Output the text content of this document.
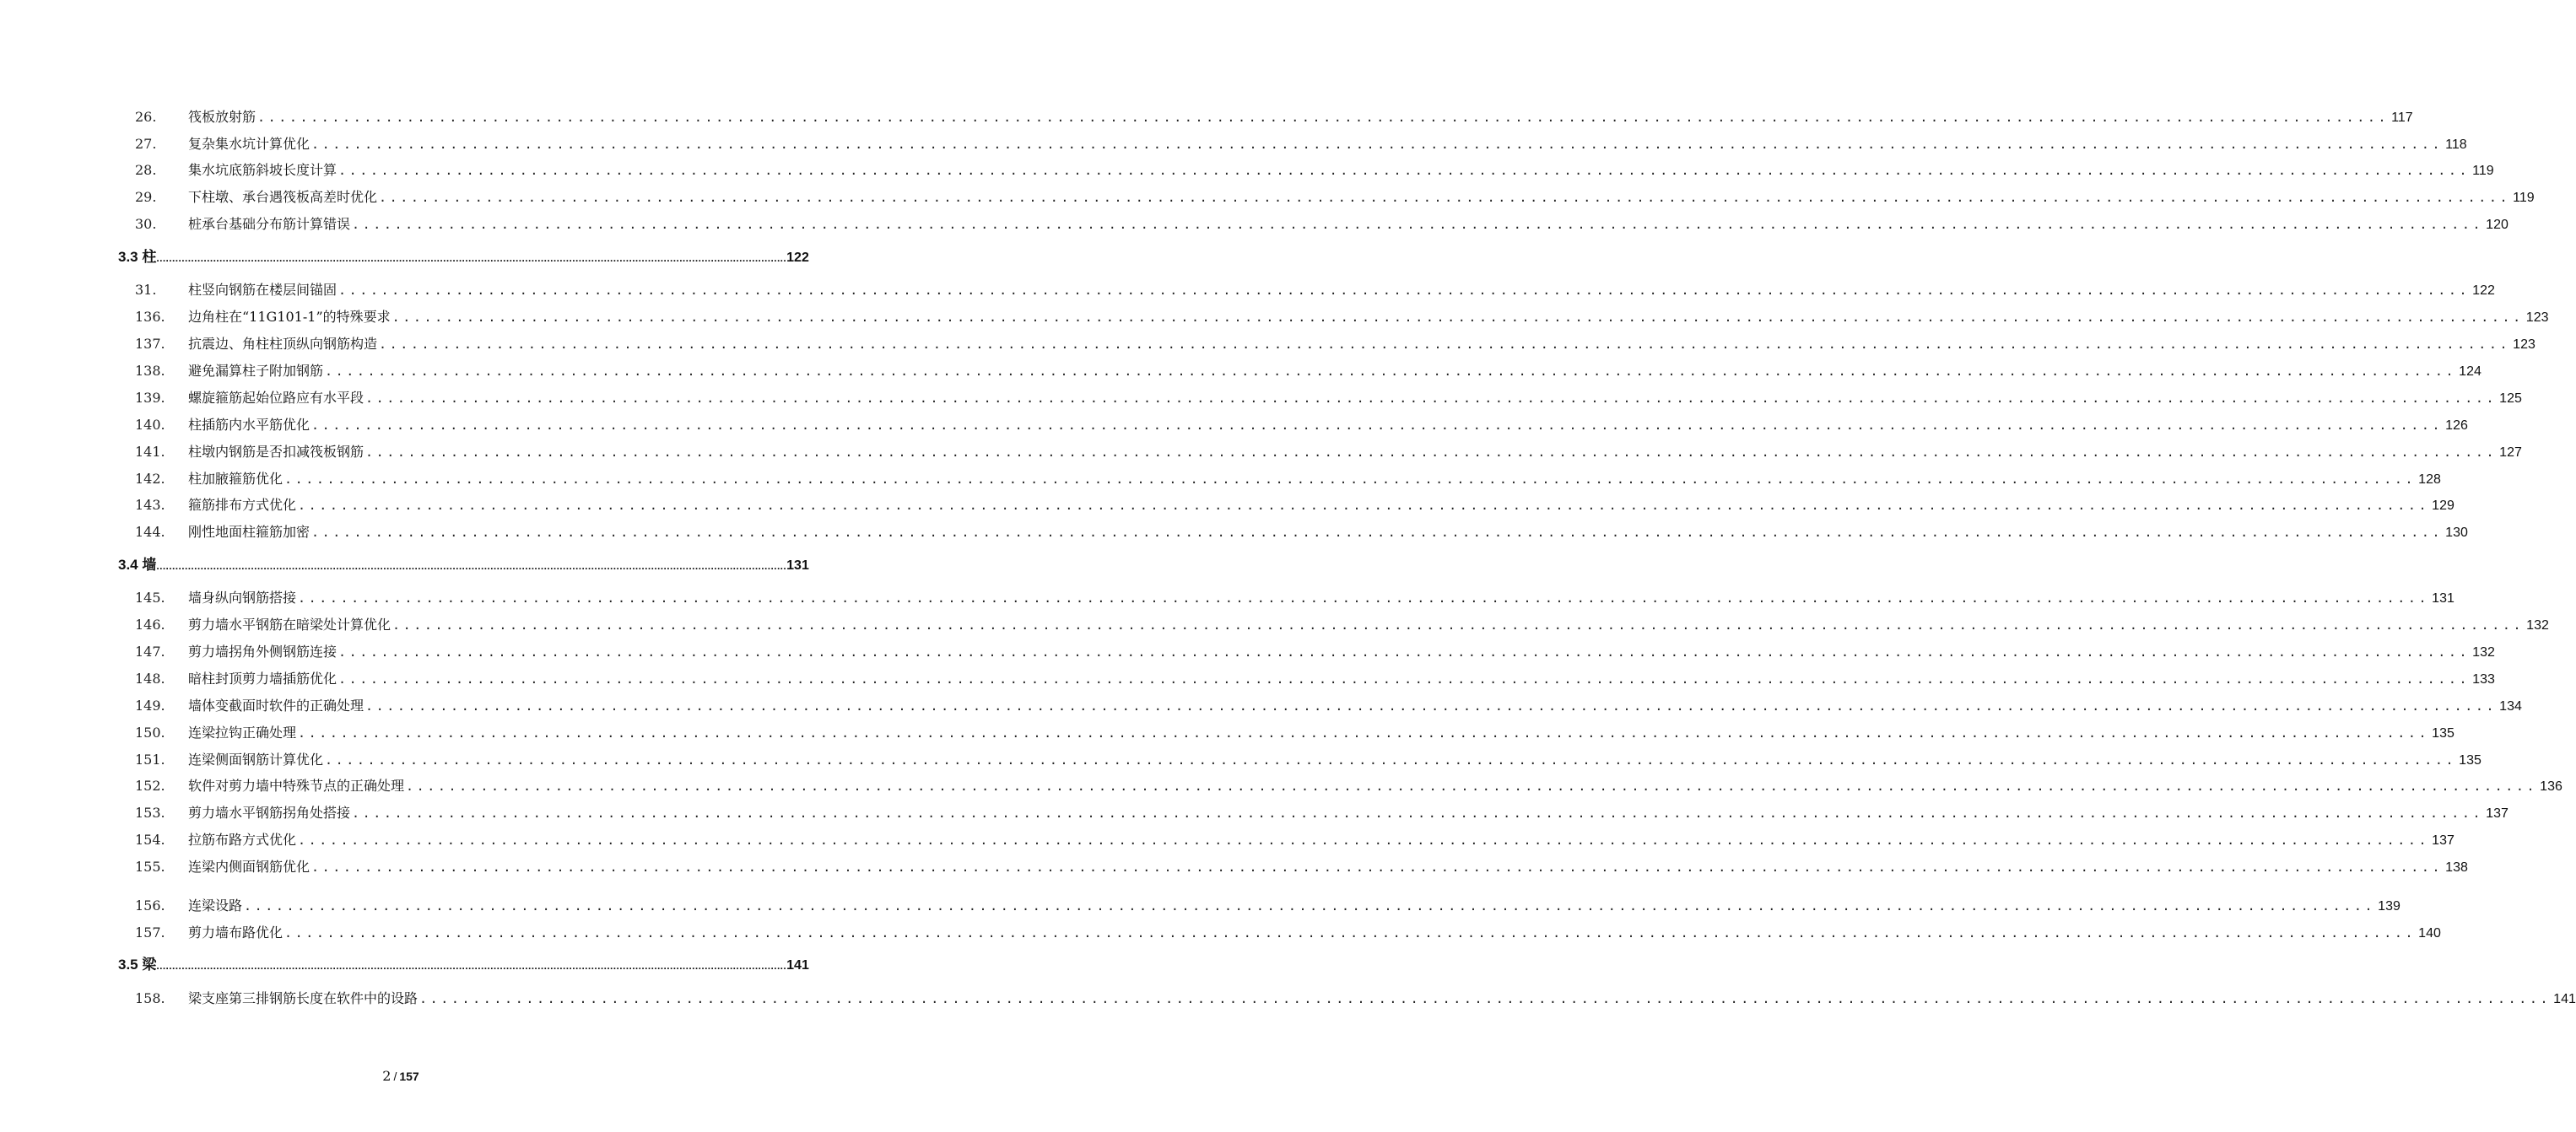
26. 筏板放射筋 ........................................................................................................................................................................................................ 117
27. 复杂集水坑计算优化 ........................................................................................................................................................................................................ 118
28. 集水坑底筋斜坡长度计算 ........................................................................................................................................................................................................ 119
29. 下柱墩、承台遇筏板高差时优化 ........................................................................................................................................................................................................ 119
30. 桩承台基础分布筋计算错误 ........................................................................................................................................................................................................ 120
3.3 柱 ........................................................................................................................................................................................................ 122
31. 柱竖向钢筋在楼层间锚固 ........................................................................................................................................................................................................ 122
136. 边角柱在“11G101-1”的特殊要求 ........................................................................................................................................................................................................ 123
137. 抗震边、角柱柱顶纵向钢筋构造 ........................................................................................................................................................................................................ 123
138. 避免漏算柱子附加钢筋 ........................................................................................................................................................................................................ 124
139. 螺旋箍筋起始位路应有水平段 ........................................................................................................................................................................................................ 125
140. 柱插筋内水平筋优化 ........................................................................................................................................................................................................ 126
141. 柱墩内钢筋是否扣减筏板钢筋 ........................................................................................................................................................................................................ 127
142. 柱加腋箍筋优化 ........................................................................................................................................................................................................ 128
143. 箍筋排布方式优化 ........................................................................................................................................................................................................ 129
144. 刚性地面柱箍筋加密 ........................................................................................................................................................................................................ 130
3.4 墙 ........................................................................................................................................................................................................ 131
145. 墙身纵向钢筋搭接 ........................................................................................................................................................................................................ 131
146. 剪力墙水平钢筋在暗梁处计算优化 ........................................................................................................................................................................................................ 132
147. 剪力墙拐角外侧钢筋连接 ........................................................................................................................................................................................................ 132
148. 暗柱封顶剪力墙插筋优化 ........................................................................................................................................................................................................ 133
149. 墙体变截面时软件的正确处理 ........................................................................................................................................................................................................ 134
150. 连梁拉钩正确处理 ........................................................................................................................................................................................................ 135
151. 连梁侧面钢筋计算优化 ........................................................................................................................................................................................................ 135
152. 软件对剪力墙中特殊节点的正确处理 ........................................................................................................................................................................................................ 136
153. 剪力墙水平钢筋拐角处搭接 ........................................................................................................................................................................................................ 137
154. 拉筋布路方式优化 ........................................................................................................................................................................................................ 137
155. 连梁内侧面钢筋优化 ........................................................................................................................................................................................................ 138
156. 连梁设路 ........................................................................................................................................................................................................ 139
157. 剪力墙布路优化 ........................................................................................................................................................................................................ 140
3.5 梁 ........................................................................................................................................................................................................ 141
158. 梁支座第三排钢筋长度在软件中的设路 ........................................................................................................................................................................................................ 141
2 / 157
